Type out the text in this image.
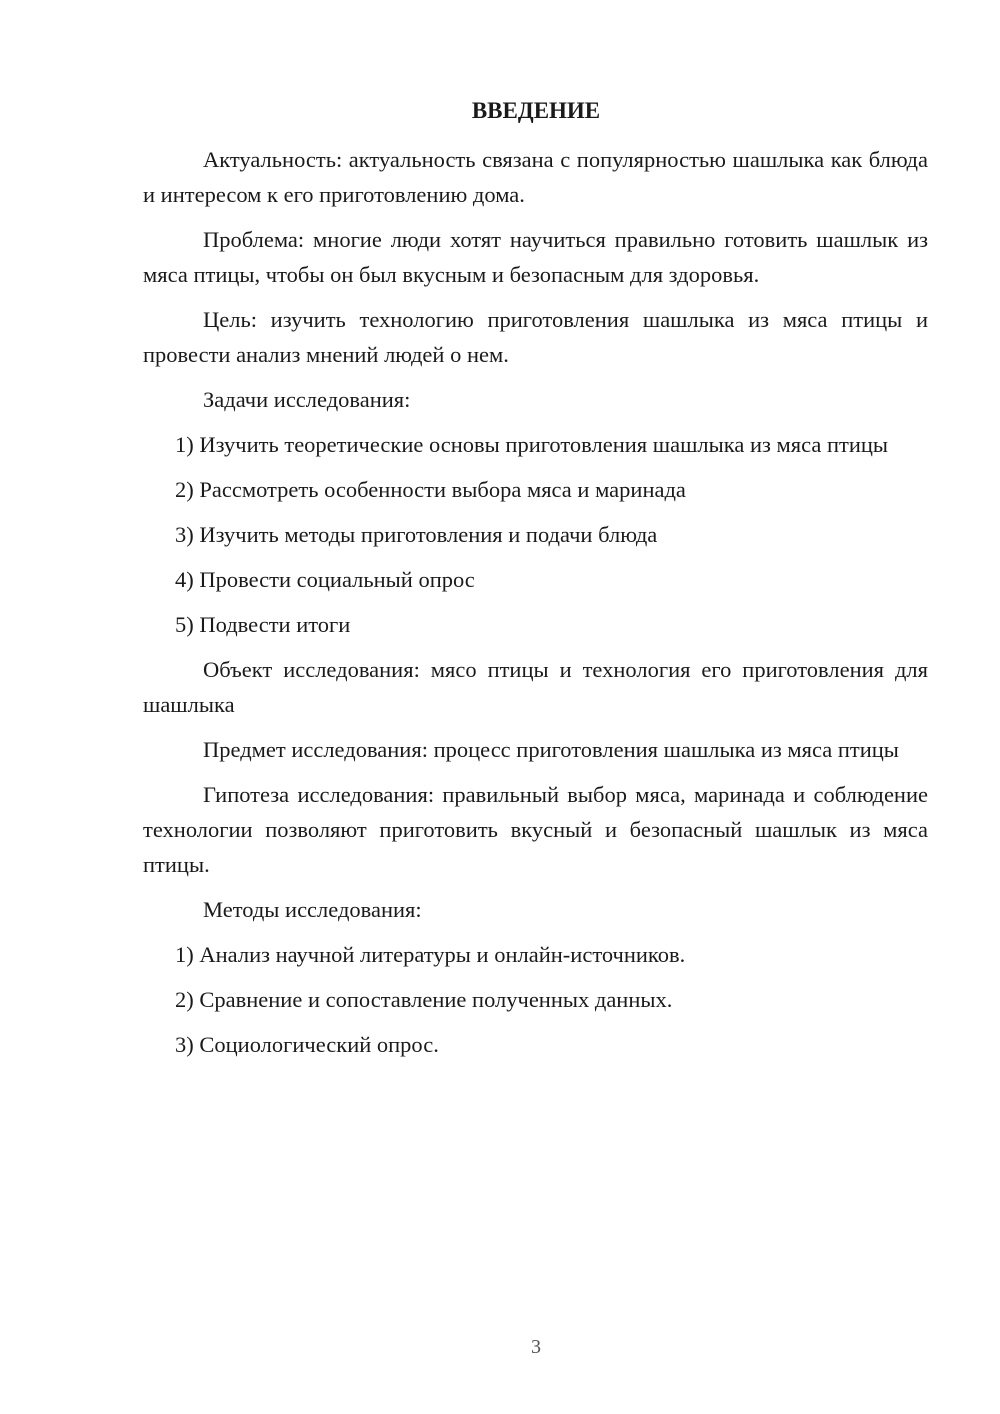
ВВЕДЕНИЕ

Актуальность: актуальность связана с популярностью шашлыка как блюда и интересом к его приготовлению дома.

Проблема: многие люди хотят научиться правильно готовить шашлык из мяса птицы, чтобы он был вкусным и безопасным для здоровья.

Цель: изучить технологию приготовления шашлыка из мяса птицы и провести анализ мнений людей о нем.

Задачи исследования:

1) Изучить теоретические основы приготовления шашлыка из мяса птицы

2) Рассмотреть особенности выбора мяса и маринада

3) Изучить методы приготовления и подачи блюда

4) Провести социальный опрос

5) Подвести итоги

Объект исследования: мясо птицы и технология его приготовления для шашлыка

Предмет исследования: процесс приготовления шашлыка из мяса птицы

Гипотеза исследования: правильный выбор мяса, маринада и соблюдение технологии позволяют приготовить вкусный и безопасный шашлык из мяса птицы.

Методы исследования:

1) Анализ научной литературы и онлайн-источников.

2) Сравнение и сопоставление полученных данных.

3) Социологический опрос.

3
